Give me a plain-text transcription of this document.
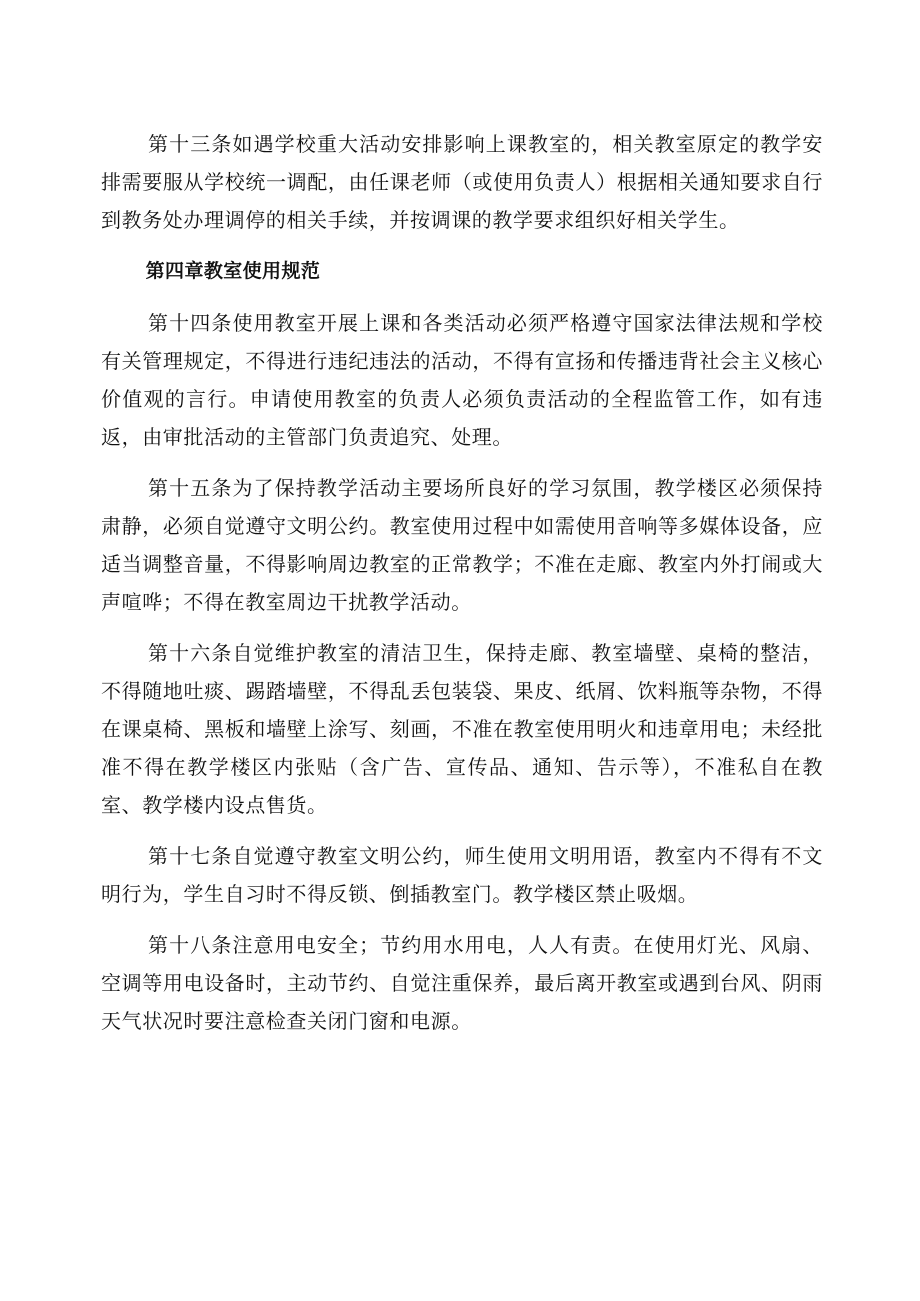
第十三条如遇学校重大活动安排影响上课教室的，相关教室原定的教学安排需要服从学校统一调配，由任课老师（或使用负责人）根据相关通知要求自行到教务处办理调停的相关手续，并按调课的教学要求组织好相关学生。

第四章教室使用规范

第十四条使用教室开展上课和各类活动必须严格遵守国家法律法规和学校有关管理规定，不得进行违纪违法的活动，不得有宣扬和传播违背社会主义核心价值观的言行。申请使用教室的负责人必须负责活动的全程监管工作，如有违返，由审批活动的主管部门负责追究、处理。

第十五条为了保持教学活动主要场所良好的学习氛围，教学楼区必须保持肃静，必须自觉遵守文明公约。教室使用过程中如需使用音响等多媒体设备，应适当调整音量，不得影响周边教室的正常教学；不准在走廊、教室内外打闹或大声喧哗；不得在教室周边干扰教学活动。

第十六条自觉维护教室的清洁卫生，保持走廊、教室墙壁、桌椅的整洁，不得随地吐痰、踢踏墙壁，不得乱丢包装袋、果皮、纸屑、饮料瓶等杂物，不得在课桌椅、黑板和墙壁上涂写、刻画，不准在教室使用明火和违章用电；未经批准不得在教学楼区内张贴（含广告、宣传品、通知、告示等），不准私自在教室、教学楼内设点售货。

第十七条自觉遵守教室文明公约，师生使用文明用语，教室内不得有不文明行为，学生自习时不得反锁、倒插教室门。教学楼区禁止吸烟。

第十八条注意用电安全；节约用水用电，人人有责。在使用灯光、风扇、空调等用电设备时，主动节约、自觉注重保养，最后离开教室或遇到台风、阴雨天气状况时要注意检查关闭门窗和电源。
